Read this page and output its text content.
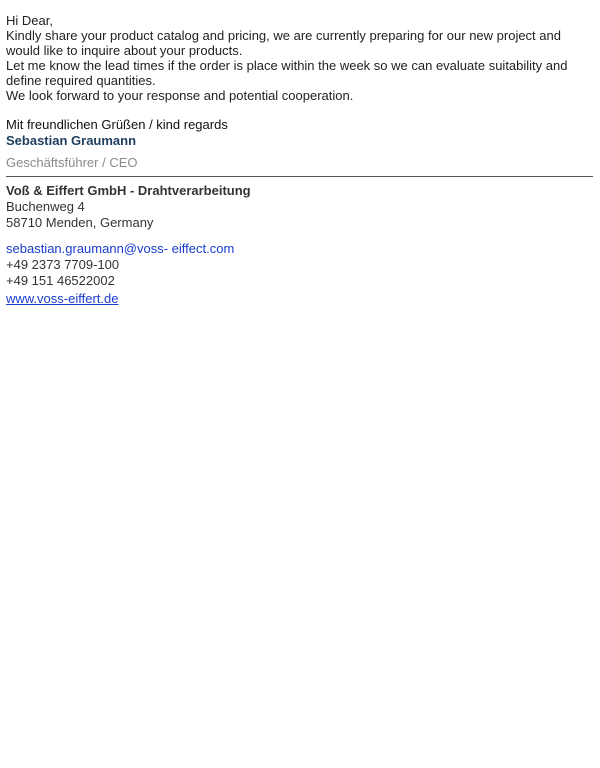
Hi Dear,

Kindly share your product catalog and pricing, we are currently preparing for our new project and would like to inquire about your products.

Let me know the lead times if the order is place within the week so we can evaluate suitability and define required quantities.

We look forward to your response and potential cooperation.

Mit freundlichen Grüßen / kind regards

Sebastian Graumann

Geschäftsführer / CEO

Voß & Eiffert GmbH - Drahtverarbeitung

Buchenweg 4

58710 Menden, Germany

sebastian.graumann@voss- eiffect.com

+49 2373 7709-100

+49 151 46522002

www.voss-eiffert.de
